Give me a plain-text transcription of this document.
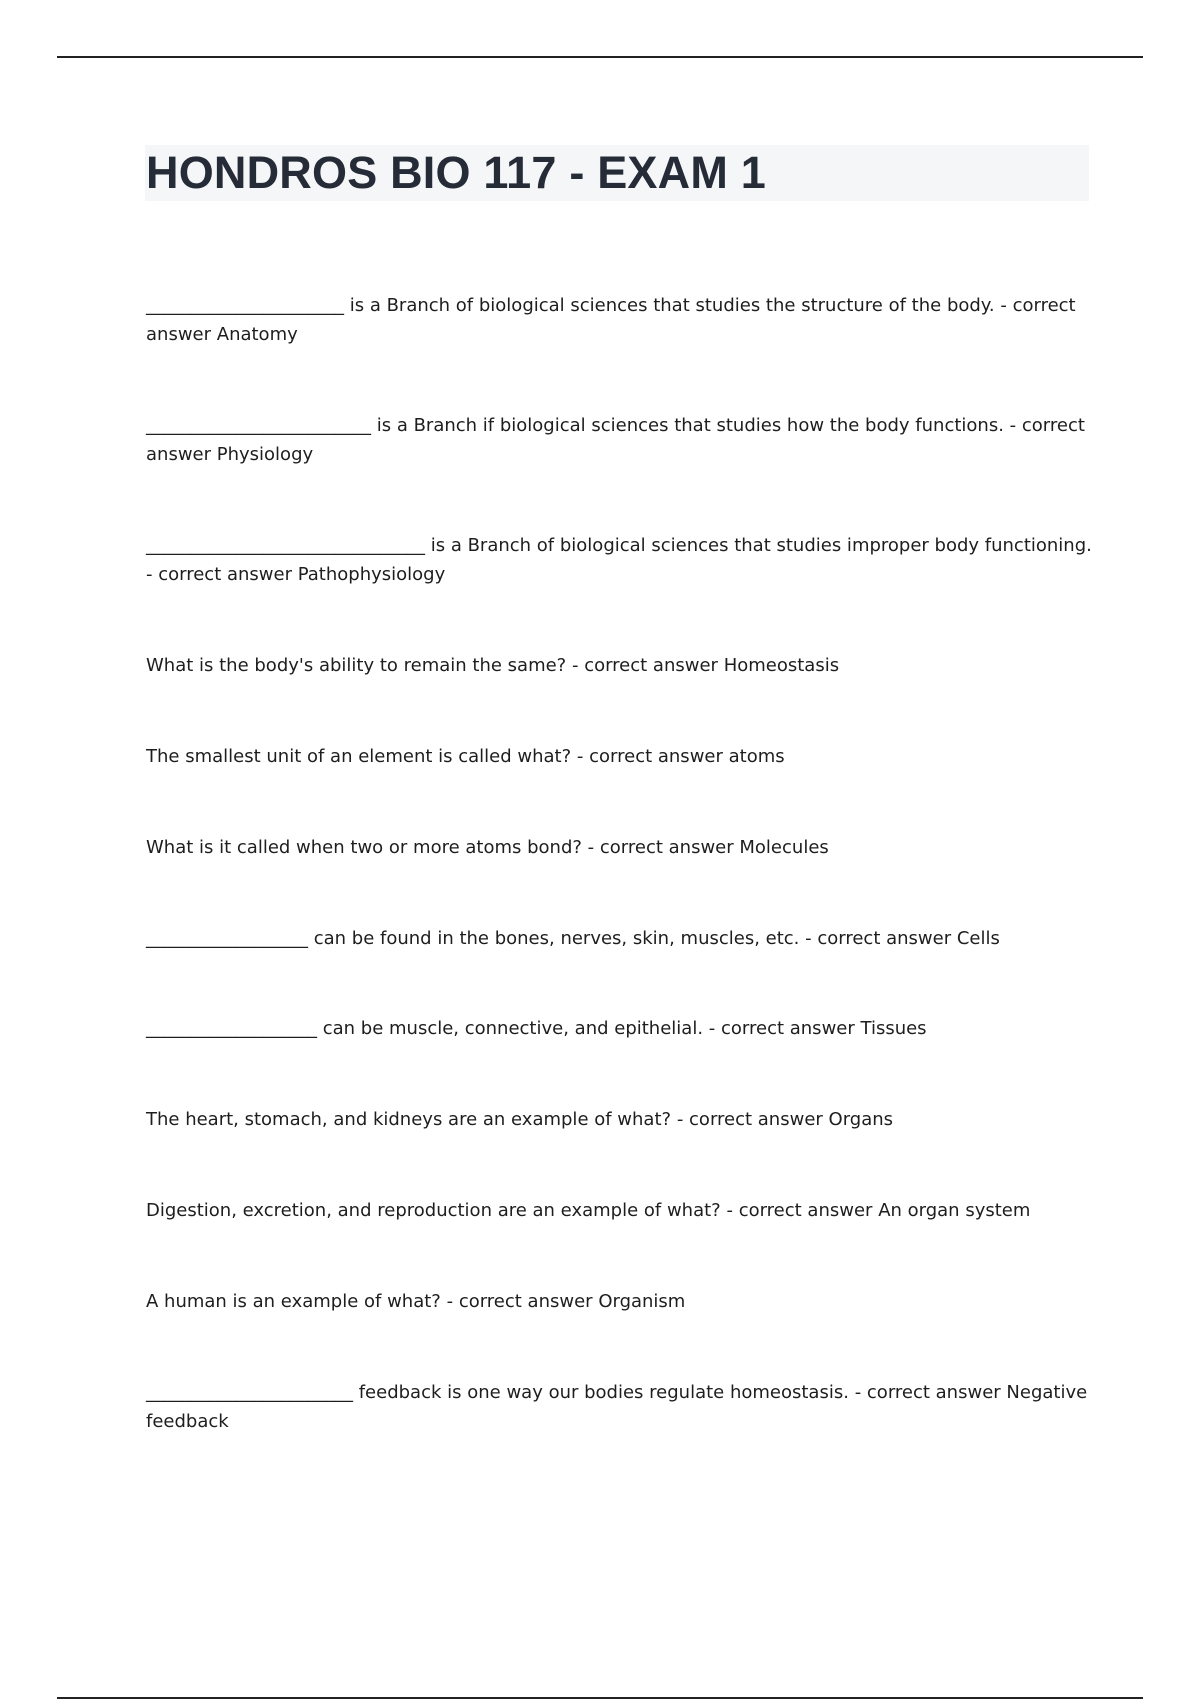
HONDROS BIO 117 - EXAM 1
______________________ is a Branch of biological sciences that studies the structure of the body. - correct answer Anatomy
_________________________ is a Branch if biological sciences that studies how the body functions. - correct answer Physiology
_______________________________ is a Branch of biological sciences that studies improper body functioning. - correct answer Pathophysiology
What is the body's ability to remain the same? - correct answer Homeostasis
The smallest unit of an element is called what? - correct answer atoms
What is it called when two or more atoms bond? - correct answer Molecules
__________________ can be found in the bones, nerves, skin, muscles, etc. - correct answer Cells
___________________ can be muscle, connective, and epithelial. - correct answer Tissues
The heart, stomach, and kidneys are an example of what? - correct answer Organs
Digestion, excretion, and reproduction are an example of what? - correct answer An organ system
A human is an example of what? - correct answer Organism
_______________________ feedback is one way our bodies regulate homeostasis. - correct answer Negative feedback
